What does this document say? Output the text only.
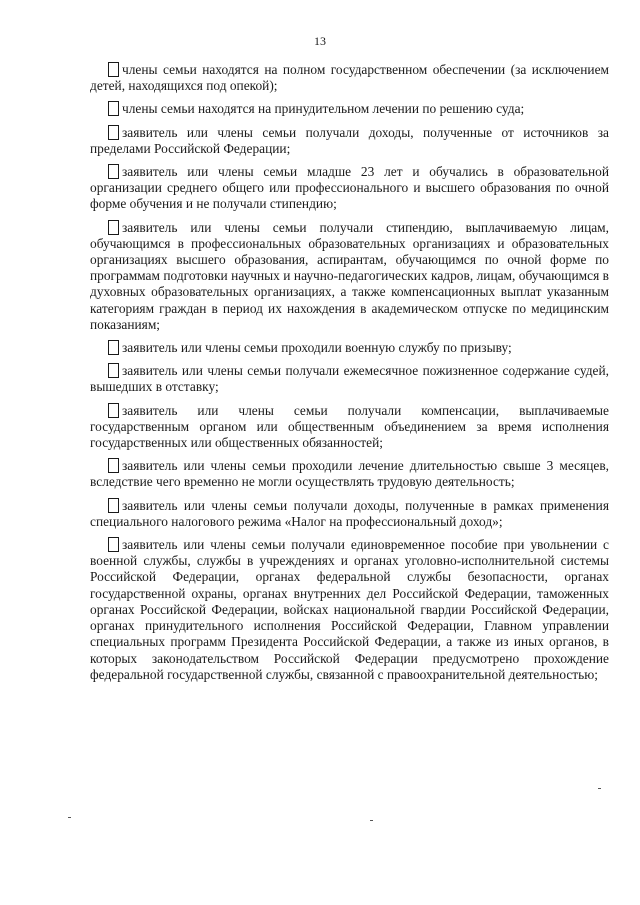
13

члены семьи находятся на полном государственном обеспечении (за исключением детей, находящихся под опекой);

члены семьи находятся на принудительном лечении по решению суда;

заявитель или члены семьи получали доходы, полученные от источников за пределами Российской Федерации;

заявитель или члены семьи младше 23 лет и обучались в образовательной организации среднего общего или профессионального и высшего образования по очной форме обучения и не получали стипендию;

заявитель или члены семьи получали стипендию, выплачиваемую лицам, обучающимся в профессиональных образовательных организациях и образовательных организациях высшего образования, аспирантам, обучающимся по очной форме по программам подготовки научных и научно-педагогических кадров, лицам, обучающимся в духовных образовательных организациях, а также компенсационных выплат указанным категориям граждан в период их нахождения в академическом отпуске по медицинским показаниям;

заявитель или члены семьи проходили военную службу по призыву;

заявитель или члены семьи получали ежемесячное пожизненное содержание судей, вышедших в отставку;

заявитель или члены семьи получали компенсации, выплачиваемые государственным органом или общественным объединением за время исполнения государственных или общественных обязанностей;

заявитель или члены семьи проходили лечение длительностью свыше 3 месяцев, вследствие чего временно не могли осуществлять трудовую деятельность;

заявитель или члены семьи получали доходы, полученные в рамках применения специального налогового режима «Налог на профессиональный доход»;

заявитель или члены семьи получали единовременное пособие при увольнении с военной службы, службы в учреждениях и органах уголовно-исполнительной системы Российской Федерации, органах федеральной службы безопасности, органах государственной охраны, органах внутренних дел Российской Федерации, таможенных органах Российской Федерации, войсках национальной гвардии Российской Федерации, органах принудительного исполнения Российской Федерации, Главном управлении специальных программ Президента Российской Федерации, а также из иных органов, в которых законодательством Российской Федерации предусмотрено прохождение федеральной государственной службы, связанной с правоохранительной деятельностью;
